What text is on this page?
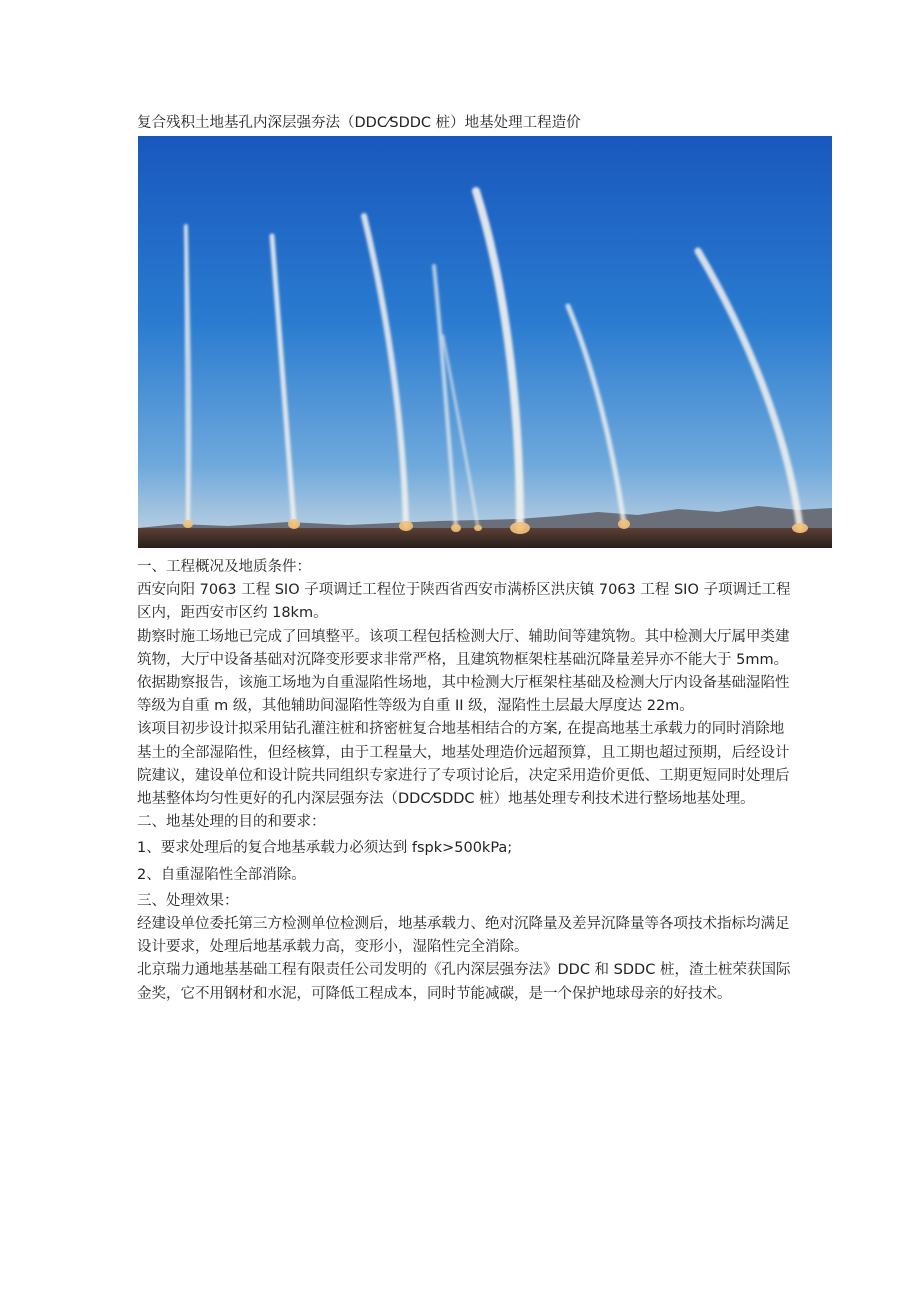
复合残积土地基孔内深层强夯法（DDC⁄SDDC 桩）地基处理工程造价

一、工程概况及地质条件：

西安向阳 7063 工程 SIO 子项调迁工程位于陕西省西安市满桥区洪庆镇 7063 工程 SIO 子项调迁工程区内，距西安市区约 18km。

勘察时施工场地已完成了回填整平。该项工程包括检测大厅、辅助间等建筑物。其中检测大厅属甲类建筑物，大厅中设备基础对沉降变形要求非常严格，且建筑物框架柱基础沉降量差异亦不能大于 5mm。

依据勘察报告，该施工场地为自重湿陷性场地，其中检测大厅框架柱基础及检测大厅内设备基础湿陷性等级为自重 m 级，其他辅助间湿陷性等级为自重 II 级，湿陷性土层最大厚度达 22m。

该项目初步设计拟采用钻孔灌注桩和挤密桩复合地基相结合的方案, 在提高地基土承载力的同时消除地基土的全部湿陷性，但经核算，由于工程量大，地基处理造价远超预算，且工期也超过预期，后经设计院建议，建设单位和设计院共同组织专家进行了专项讨论后，决定采用造价更低、工期更短同时处理后地基整体均匀性更好的孔内深层强夯法（DDC⁄SDDC 桩）地基处理专利技术进行整场地基处理。

二、地基处理的目的和要求：

1、要求处理后的复合地基承载力必须达到 fspk>500kPa;

2、自重湿陷性全部消除。

三、处理效果：

经建设单位委托第三方检测单位检测后，地基承载力、绝对沉降量及差异沉降量等各项技术指标均满足设计要求，处理后地基承载力高，变形小，湿陷性完全消除。

北京瑞力通地基基础工程有限责任公司发明的《孔内深层强夯法》DDC 和 SDDC 桩，渣土桩荣获国际金奖，它不用钢材和水泥，可降低工程成本，同时节能减碳，是一个保护地球母亲的好技术。
